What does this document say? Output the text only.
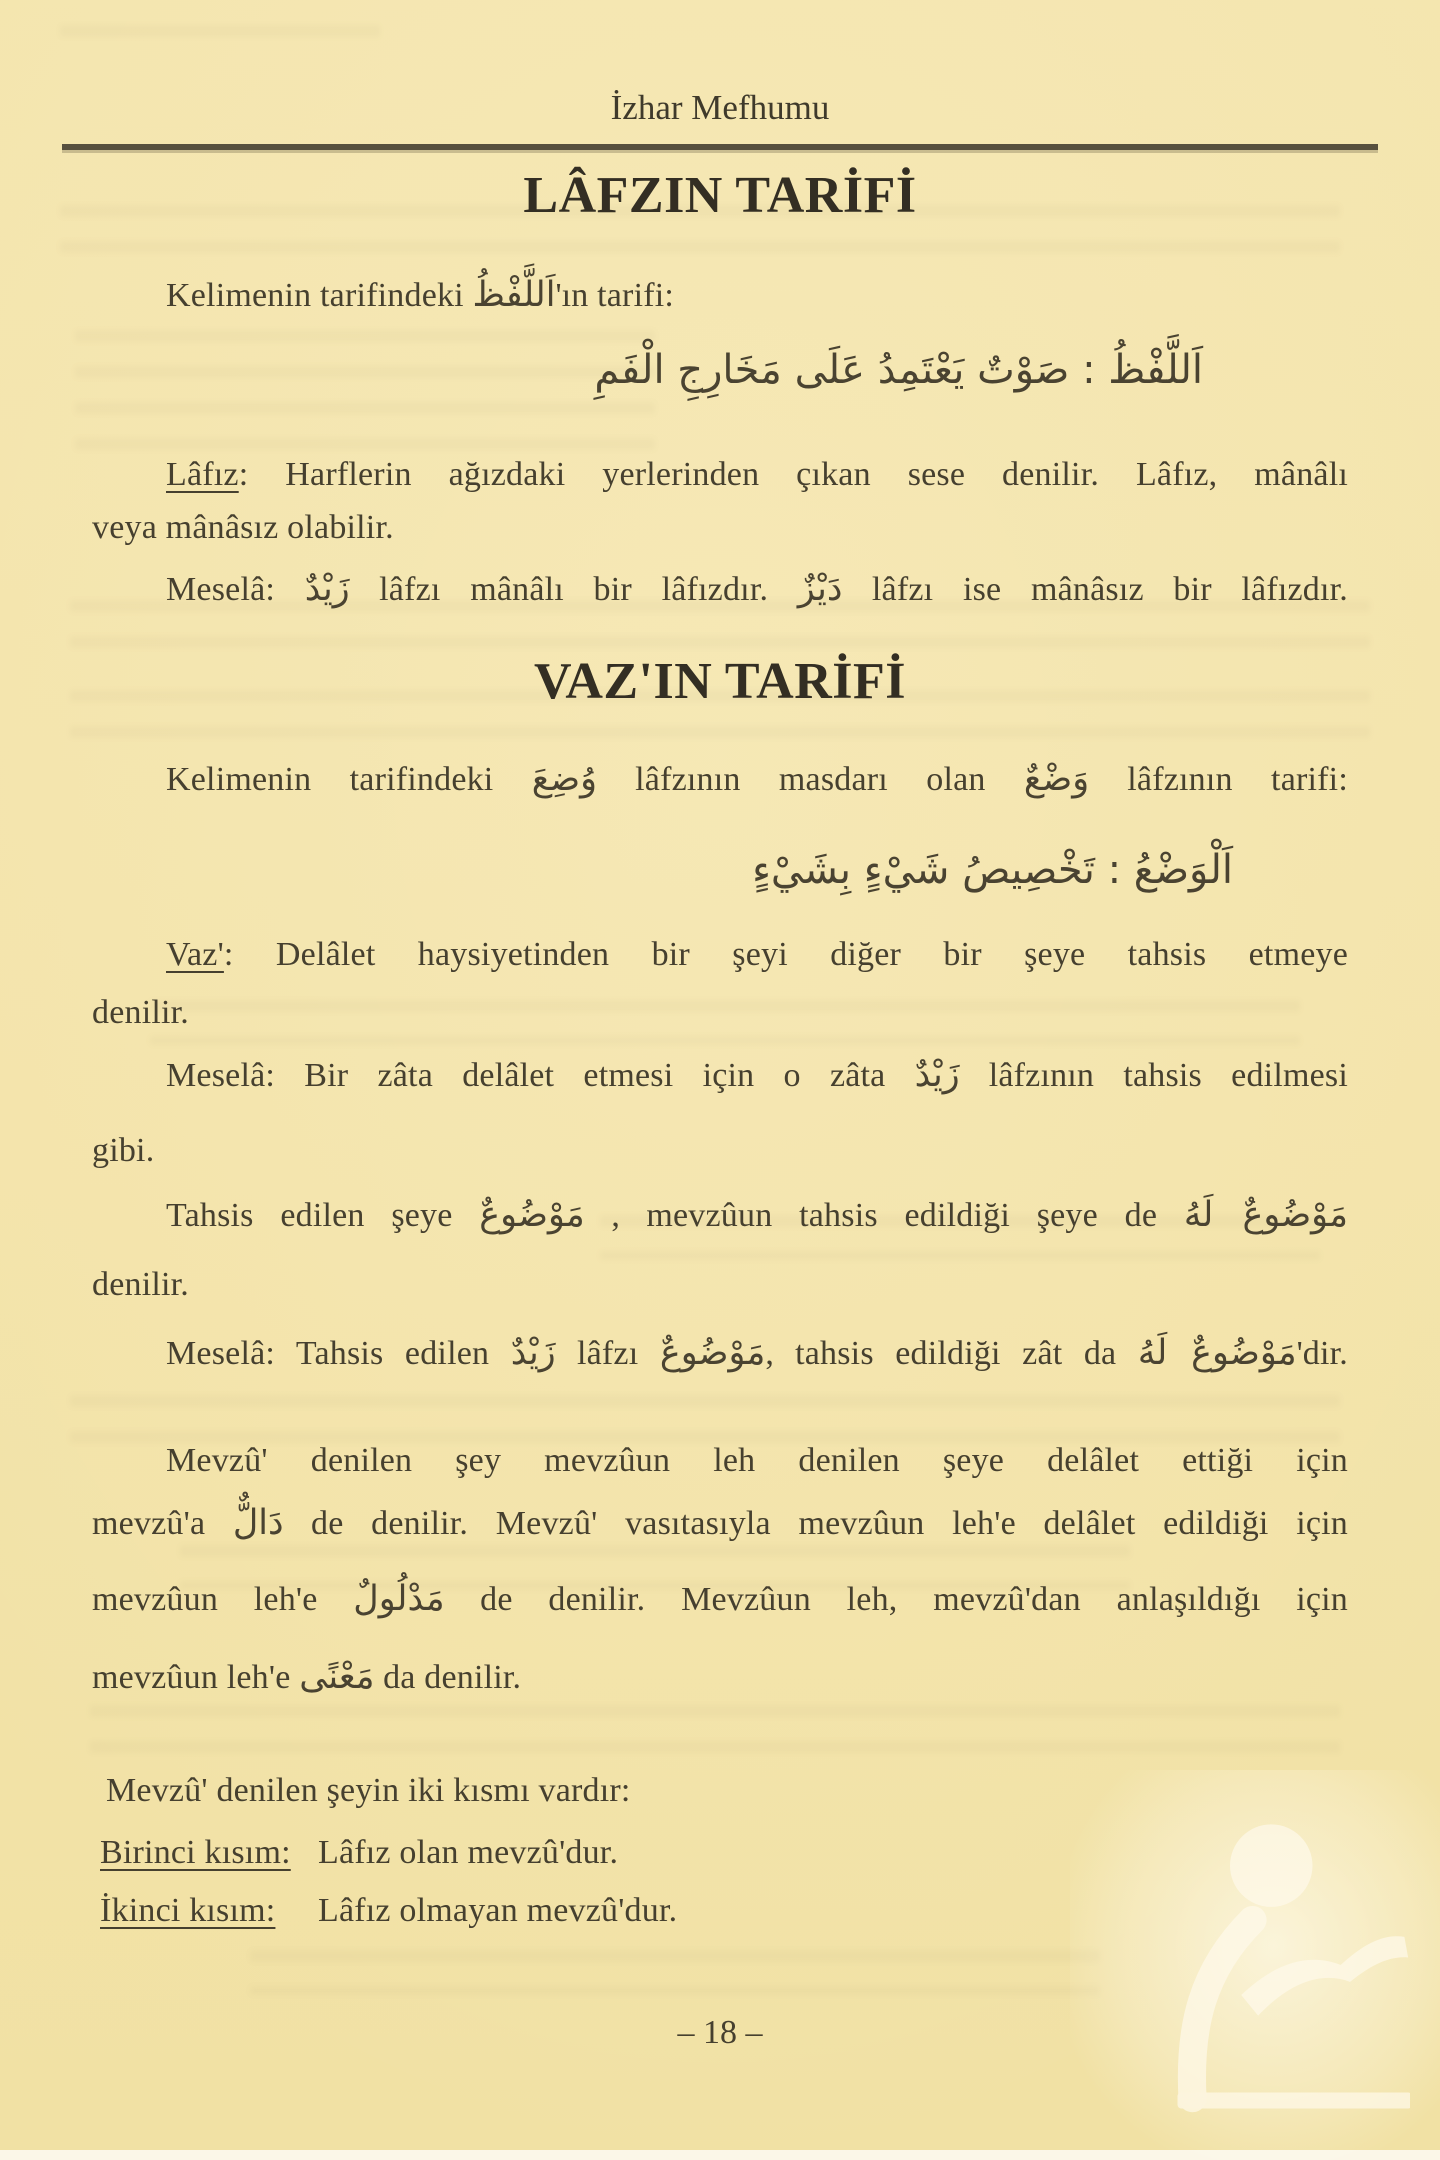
İzhar Mefhumu
LÂFZIN TARİFİ
Kelimenin tarifindeki اَللَّفْظُ'ın tarifi:
اَللَّفْظُ : صَوْتٌ يَعْتَمِدُ عَلَى مَخَارِجِ الْفَمِ
Lâfız: Harflerin ağızdaki yerlerinden çıkan sese denilir. Lâfız, mânâlı
veya mânâsız olabilir.
Meselâ: زَيْدٌ lâfzı mânâlı bir lâfızdır. دَيْزٌ lâfzı ise mânâsız bir lâfızdır.
VAZ'IN TARİFİ
Kelimenin tarifindeki وُضِعَ lâfzının masdarı olan وَضْعٌ lâfzının tarifi:
اَلْوَضْعُ : تَخْصِيصُ شَيْءٍ بِشَيْءٍ
Vaz': Delâlet haysiyetinden bir şeyi diğer bir şeye tahsis etmeye
denilir.
Meselâ: Bir zâta delâlet etmesi için o zâta زَيْدٌ lâfzının tahsis edilmesi
gibi.
Tahsis edilen şeye مَوْضُوعٌ , mevzûun tahsis edildiği şeye de مَوْضُوعٌ لَهُ
denilir.
Meselâ: Tahsis edilen زَيْدٌ lâfzı مَوْضُوعٌ, tahsis edildiği zât da مَوْضُوعٌ لَهُ'dir.
Mevzû' denilen şey mevzûun leh denilen şeye delâlet ettiği için
mevzû'a دَالٌّ de denilir. Mevzû' vasıtasıyla mevzûun leh'e delâlet edildiği için
mevzûun leh'e مَدْلُولٌ de denilir. Mevzûun leh, mevzû'dan anlaşıldığı için
mevzûun leh'e مَعْنًى da denilir.
Mevzû' denilen şeyin iki kısmı vardır:
Birinci kısım: Lâfız olan mevzû'dur.
İkinci kısım: Lâfız olmayan mevzû'dur.
– 18 –
